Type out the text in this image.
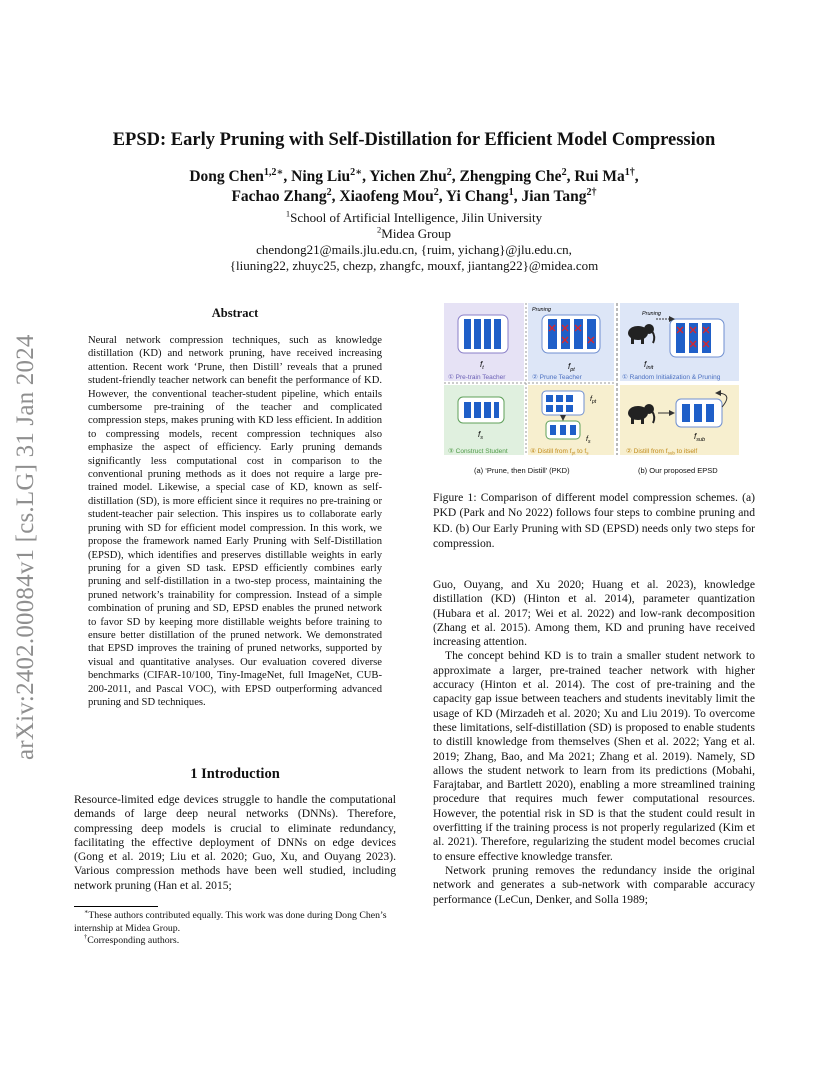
arXiv:2402.00084v1 [cs.LG] 31 Jan 2024
EPSD: Early Pruning with Self-Distillation for Efficient Model Compression
Dong Chen$^{1,2∗}$, Ning Liu$^{2∗}$, Yichen Zhu$^2$, Zhengping Che$^2$, Rui $Ma^{1\dagger}$,
Fachao Zhang$^2$, Xiaofeng Mou$^2$, Yi Chang$^1$, Jian Tang$^{2\dagger}$
$^1$School of Artificial Intelligence, Jilin University
$^2$Midea Group
chendong21@mails.jlu.edu.cn, {ruim, yichang}@jlu.edu.cn,
{liuning22, zhuyc25, chezp, zhangfc, mouxf, jiantang22}@midea.com
Abstract
Neural network compression techniques, such as knowledge distillation (KD) and network pruning, have received increasing attention. Recent work ‘Prune, then Distill’ reveals that a pruned student-friendly teacher network can benefit the performance of KD. However, the conventional teacher-student pipeline, which entails cumbersome pre-training of the teacher and complicated compression steps, makes pruning with KD less efficient. In addition to compressing models, recent compression techniques also emphasize the aspect of efficiency. Early pruning demands significantly less computational cost in comparison to the conventional pruning methods as it does not require a large pre-trained model. Likewise, a special case of KD, known as self-distillation (SD), is more efficient since it requires no pre-training or student-teacher pair selection. This inspires us to collaborate early pruning with SD for efficient model compression. In this work, we propose the framework named Early Pruning with Self-Distillation (EPSD), which identifies and preserves distillable weights in early pruning for a given SD task. EPSD efficiently combines early pruning and self-distillation in a two-step process, maintaining the pruned network’s trainability for compression. Instead of a simple combination of pruning and SD, EPSD enables the pruned network to favor SD by keeping more distillable weights before training to ensure better distillation of the pruned network. We demonstrated that EPSD improves the training of pruned networks, supported by visual and quantitative analyses. Our evaluation covered diverse benchmarks (CIFAR-10/100, Tiny-ImageNet, full ImageNet, CUB-200-2011, and Pascal VOC), with EPSD outperforming advanced pruning and SD techniques.
1 Introduction
Resource-limited edge devices struggle to handle the computational demands of large deep neural networks (DNNs). Therefore, compressing deep models is crucial to eliminate redundancy, facilitating the effective deployment of DNNs on edge devices (Gong et al. 2019; Liu et al. 2020; Guo, Xu, and Ouyang 2023). Various compression methods have been well studied, including network pruning (Han et al. 2015;

∗These authors contributed equally. This work was done during Dong Chen’s internship at Midea Group.

†Corresponding authors.

$f_t$
① Pre-train Teacher
Pruning
$f_{pt}$
② Prune Teacher
$f_s$
③ Construct Student
$f_{pt}$
$f_s$
④ Distill from $f_{pt}$ to $f_s$
Pruning
$f_{init}$
① Random Initialization & Pruning
$f_{sub}$
② Distill from $f_{sub}$ to itself
(a) ‘Prune, then Distill’ (PKD)	(b) Our proposed EPSD
Figure 1: Comparison of different model compression schemes. (a) PKD (Park and No 2022) follows four steps to combine pruning and KD. (b) Our Early Pruning with SD (EPSD) needs only two steps for compression.

Guo, Ouyang, and Xu 2020; Huang et al. 2023), knowledge distillation (KD) (Hinton et al. 2014), parameter quantization (Hubara et al. 2017; Wei et al. 2022) and low-rank decomposition (Zhang et al. 2015). Among them, KD and pruning have received increasing attention.

The concept behind KD is to train a smaller student network to approximate a larger, pre-trained teacher network with higher accuracy (Hinton et al. 2014). The cost of pre-training and the capacity gap issue between teachers and students inevitably limit the usage of KD (Mirzadeh et al. 2020; Xu and Liu 2019). To overcome these limitations, self-distillation (SD) is proposed to enable students to distill knowledge from themselves (Shen et al. 2022; Yang et al. 2019; Zhang, Bao, and Ma 2021; Zhang et al. 2019). Namely, SD allows the student network to learn from its predictions (Mobahi, Farajtabar, and Bartlett 2020), enabling a more streamlined training procedure that requires much fewer computational resources. However, the potential risk in SD is that the student could result in overfitting if the training process is not properly regularized (Kim et al. 2021). Therefore, regularizing the student model becomes crucial to ensure effective knowledge transfer.

Network pruning removes the redundancy inside the original network and generates a sub-network with comparable accuracy performance (LeCun, Denker, and Solla 1989;
